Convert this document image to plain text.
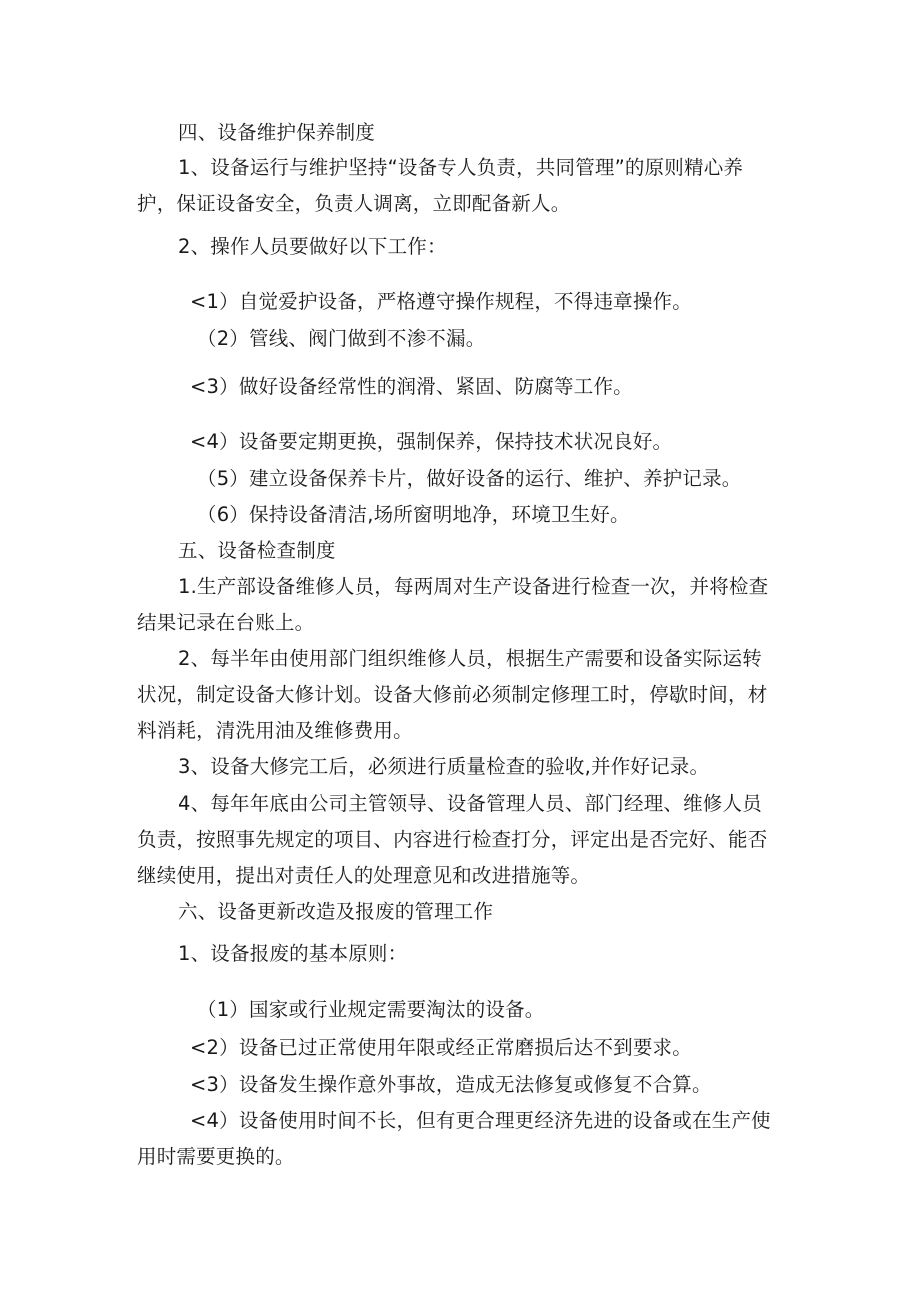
四、设备维护保养制度
1、设备运行与维护坚持“设备专人负责，共同管理”的原则精心养
护，保证设备安全，负责人调离，立即配备新人。
2、操作人员要做好以下工作：
<1）自觉爱护设备，严格遵守操作规程，不得违章操作。
（2）管线、阀门做到不渗不漏。
<3）做好设备经常性的润滑、紧固、防腐等工作。
<4）设备要定期更换，强制保养，保持技术状况良好。
（5）建立设备保养卡片，做好设备的运行、维护、养护记录。
（6）保持设备清洁,场所窗明地净，环境卫生好。
五、设备检查制度
1.生产部设备维修人员，每两周对生产设备进行检查一次，并将检查
结果记录在台账上。
2、每半年由使用部门组织维修人员，根据生产需要和设备实际运转
状况，制定设备大修计划。设备大修前必须制定修理工时，停歇时间，材
料消耗，清洗用油及维修费用。
3、设备大修完工后，必须进行质量检查的验收,并作好记录。
4、每年年底由公司主管领导、设备管理人员、部门经理、维修人员
负责，按照事先规定的项目、内容进行检查打分，评定出是否完好、能否
继续使用，提出对责任人的处理意见和改进措施等。
六、设备更新改造及报废的管理工作
1、设备报废的基本原则：
（1）国家或行业规定需要淘汰的设备。
<2）设备已过正常使用年限或经正常磨损后达不到要求。
<3）设备发生操作意外事故，造成无法修复或修复不合算。
<4）设备使用时间不长，但有更合理更经济先进的设备或在生产使
用时需要更换的。
